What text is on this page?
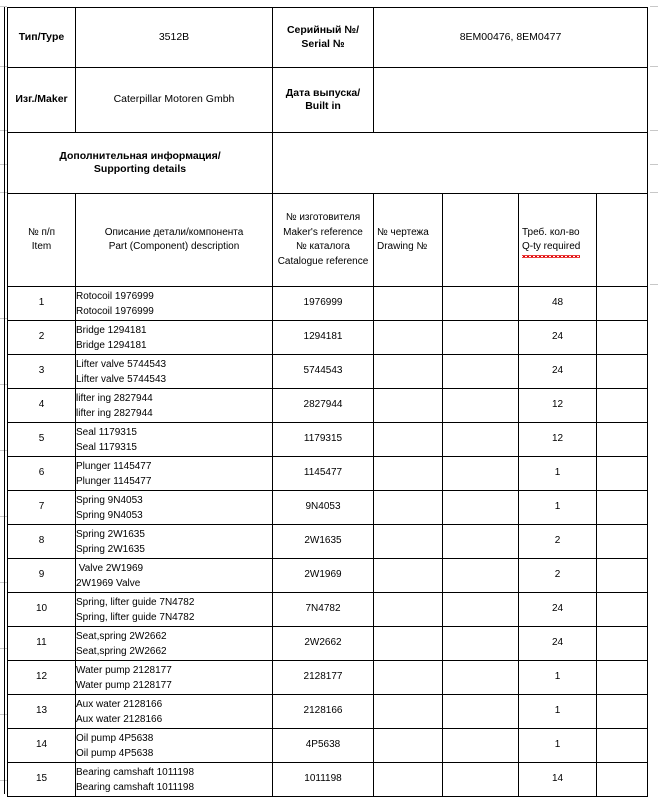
Тип/Type	3512B	Серийный №/
Serial №	8EM00476, 8EM0477			
Изг./Maker	Caterpillar Motoren Gmbh	Дата выпуска/
Built in				
Дополнительная информация/
Supporting details						
№ п/п
Item	Описание детали/компонента
Part (Component) description	№ изготовителя
Maker's reference
№ каталога
Catalogue reference	№ чертежа
Drawing №		Треб. кол-во
Q-ty required	
1	Rotocoil 1976999
Rotocoil 1976999	1976999			48	
2	Bridge 1294181
Bridge 1294181	1294181			24	
3	Lifter valve 5744543
Lifter valve 5744543	5744543			24	
4	lifter ing 2827944
lifter ing 2827944	2827944			12	
5	Seal 1179315
Seal 1179315	1179315			12	
6	Plunger 1145477
Plunger 1145477	1145477			1	
7	Spring 9N4053
Spring 9N4053	9N4053			1	
8	Spring 2W1635
Spring 2W1635	2W1635			2	
9	Valve 2W1969
2W1969 Valve	2W1969			2	
10	Spring, lifter guide 7N4782
Spring, lifter guide 7N4782	7N4782			24	
11	Seat,spring 2W2662
Seat,spring 2W2662	2W2662			24	
12	Water pump 2128177
Water pump 2128177	2128177			1	
13	Aux water 2128166
Aux water 2128166	2128166			1	
14	Oil pump 4P5638
Oil pump 4P5638	4P5638			1	
15	Bearing camshaft 1011198
Bearing camshaft 1011198	1011198			14	
